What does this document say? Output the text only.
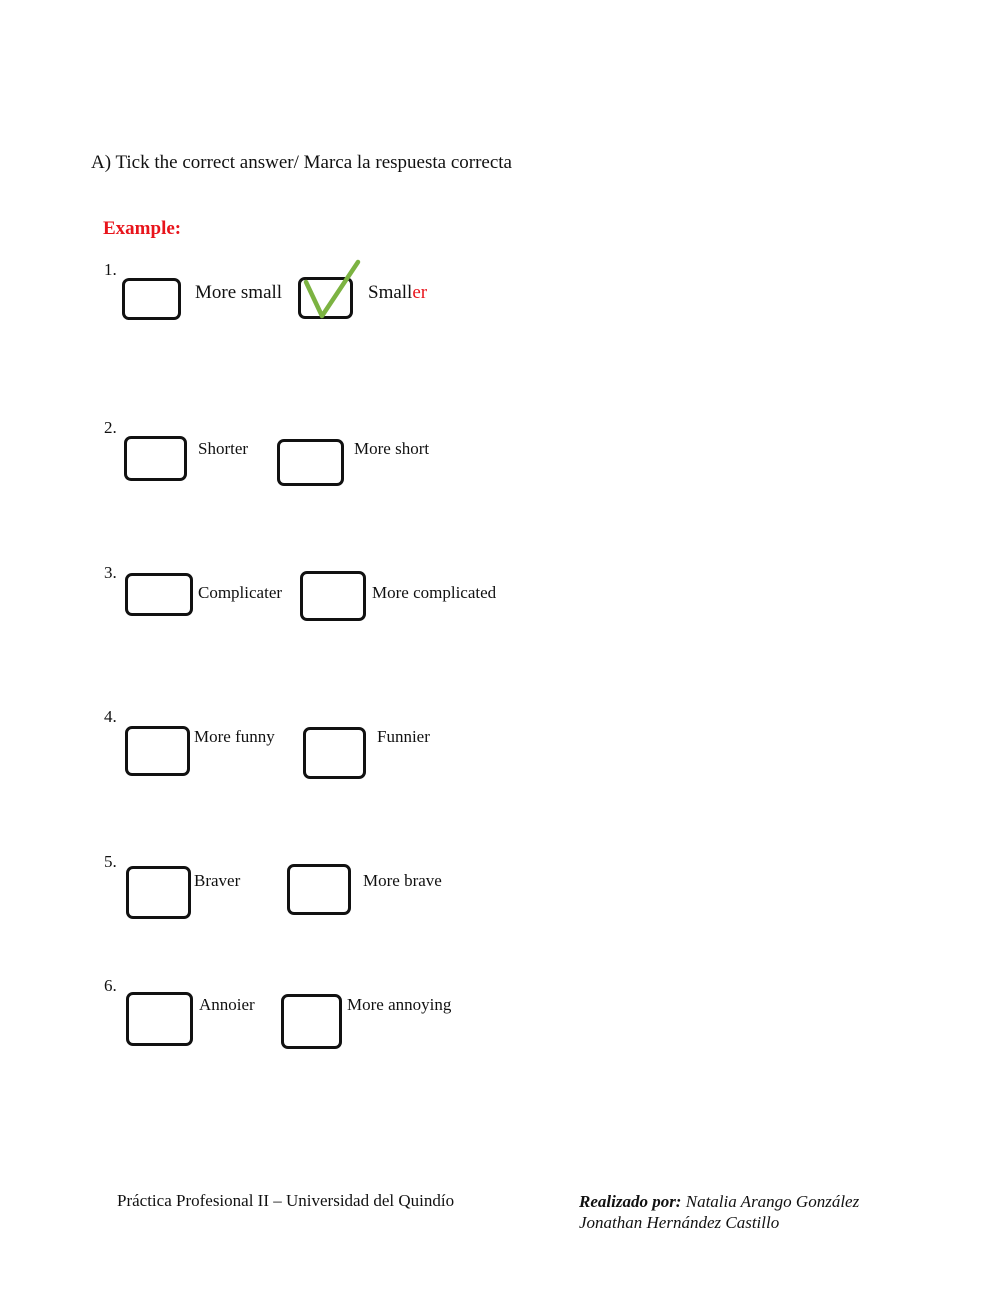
A) Tick the correct answer/ Marca la respuesta correcta
Example:
1.
More small	Smaller
2.
Shorter	More short
3.
Complicater	More complicated
4.
More funny	Funnier
5.
Braver	More brave
6.
Annoier	More annoying
Práctica Profesional II – Universidad del Quindío	Realizado por: Natalia Arango González
Jonathan Hernández Castillo
